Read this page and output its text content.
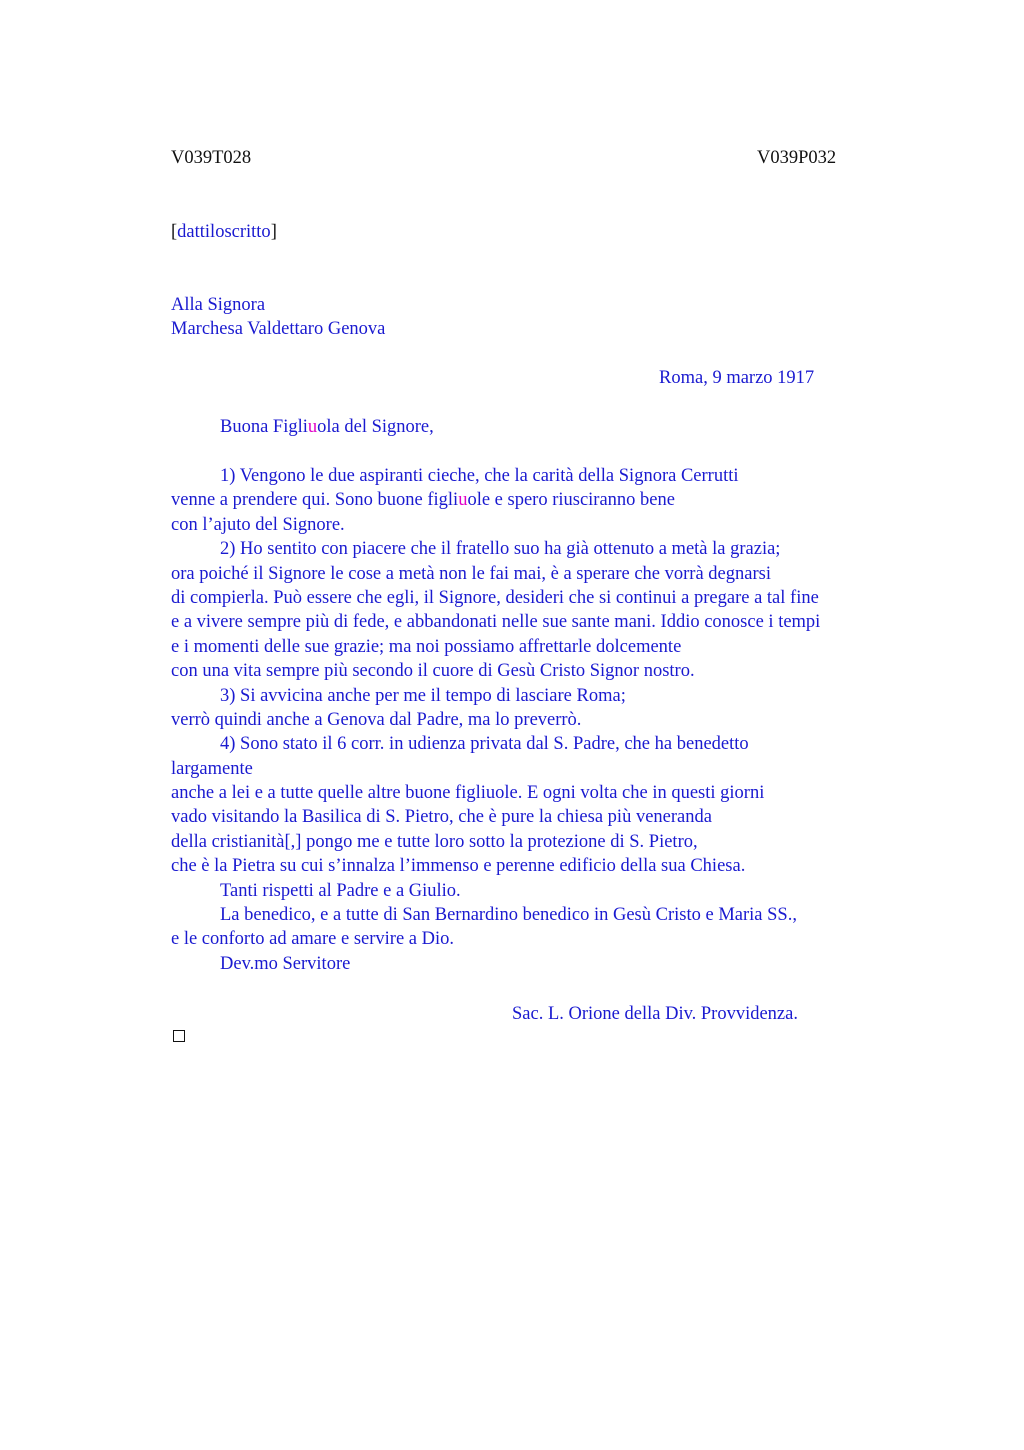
V039T028	V039P032
[dattiloscritto]
Alla Signora
Marchesa Valdettaro Genova
Roma, 9 marzo 1917
Buona Figliuola del Signore,
1) Vengono le due aspiranti cieche, che la carità della Signora Cerrutti
venne a prendere qui. Sono buone figliuole e spero riusciranno bene
con l’ajuto del Signore.
2) Ho sentito con piacere che il fratello suo ha già ottenuto a metà la grazia;
ora poiché il Signore le cose a metà non le fai mai, è a sperare che vorrà degnarsi
di compierla. Può essere che egli, il Signore, desideri che si continui a pregare a tal fine
e a vivere sempre più di fede, e abbandonati nelle sue sante mani. Iddio conosce i tempi
e i momenti delle sue grazie; ma noi possiamo affrettarle dolcemente
con una vita sempre più secondo il cuore di Gesù Cristo Signor nostro.
3) Si avvicina anche per me il tempo di lasciare Roma;
verrò quindi anche a Genova dal Padre, ma lo preverrò.
4) Sono stato il 6 corr. in udienza privata dal S. Padre, che ha benedetto
largamente
anche a lei e a tutte quelle altre buone figliuole. E ogni volta che in questi giorni
vado visitando la Basilica di S. Pietro, che è pure la chiesa più veneranda
della cristianità[,] pongo me e tutte loro sotto la protezione di S. Pietro,
che è la Pietra su cui s’innalza l’immenso e perenne edificio della sua Chiesa.
Tanti rispetti al Padre e a Giulio.
La benedico, e a tutte di San Bernardino benedico in Gesù Cristo e Maria SS.,
e le conforto ad amare e servire a Dio.
Dev.mo Servitore
Sac. L. Orione della Div. Provvidenza.
